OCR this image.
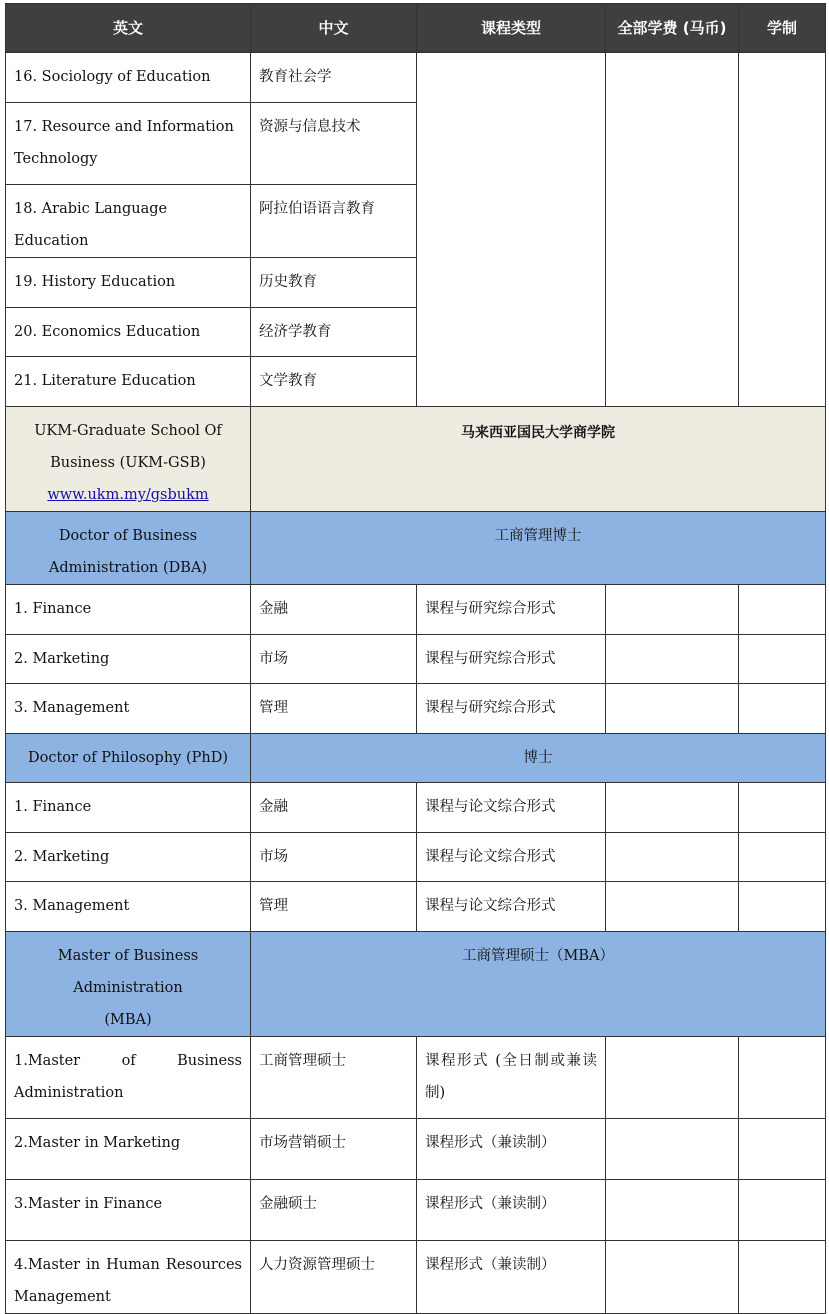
英文	中文	课程类型	全部学费 (马币)	学制
16. Sociology of Education	教育社会学			
17. Resource and Information Technology	资源与信息技术			
18. Arabic Language Education	阿拉伯语语言教育			
19. History Education	历史教育			
20. Economics Education	经济学教育			
21. Literature Education	文学教育			

UKM-Graduate School Of
Business (UKM-GSB)
www.ukm.my/gsbukm	马来西亚国民大学商学院			

Doctor of Business
Administration (DBA)	工商管理博士			
1. Finance	金融	课程与研究综合形式		
2. Marketing	市场	课程与研究综合形式		
3. Management	管理	课程与研究综合形式		
Doctor of Philosophy (PhD)	博士			
1. Finance	金融	课程与论文综合形式		
2. Marketing	市场	课程与论文综合形式		
3. Management	管理	课程与论文综合形式		

Master of Business
Administration
(MBA)	工商管理硕士（MBA）			

1.Master of Business
Administration	工商管理硕士	课程形式 (全日制或兼读制)		
2.Master in Marketing	市场营销硕士	课程形式（兼读制）		
3.Master in Finance	金融硕士	课程形式（兼读制）		

4.Master in Human Resources
Management	人力资源管理硕士	课程形式（兼读制）		
